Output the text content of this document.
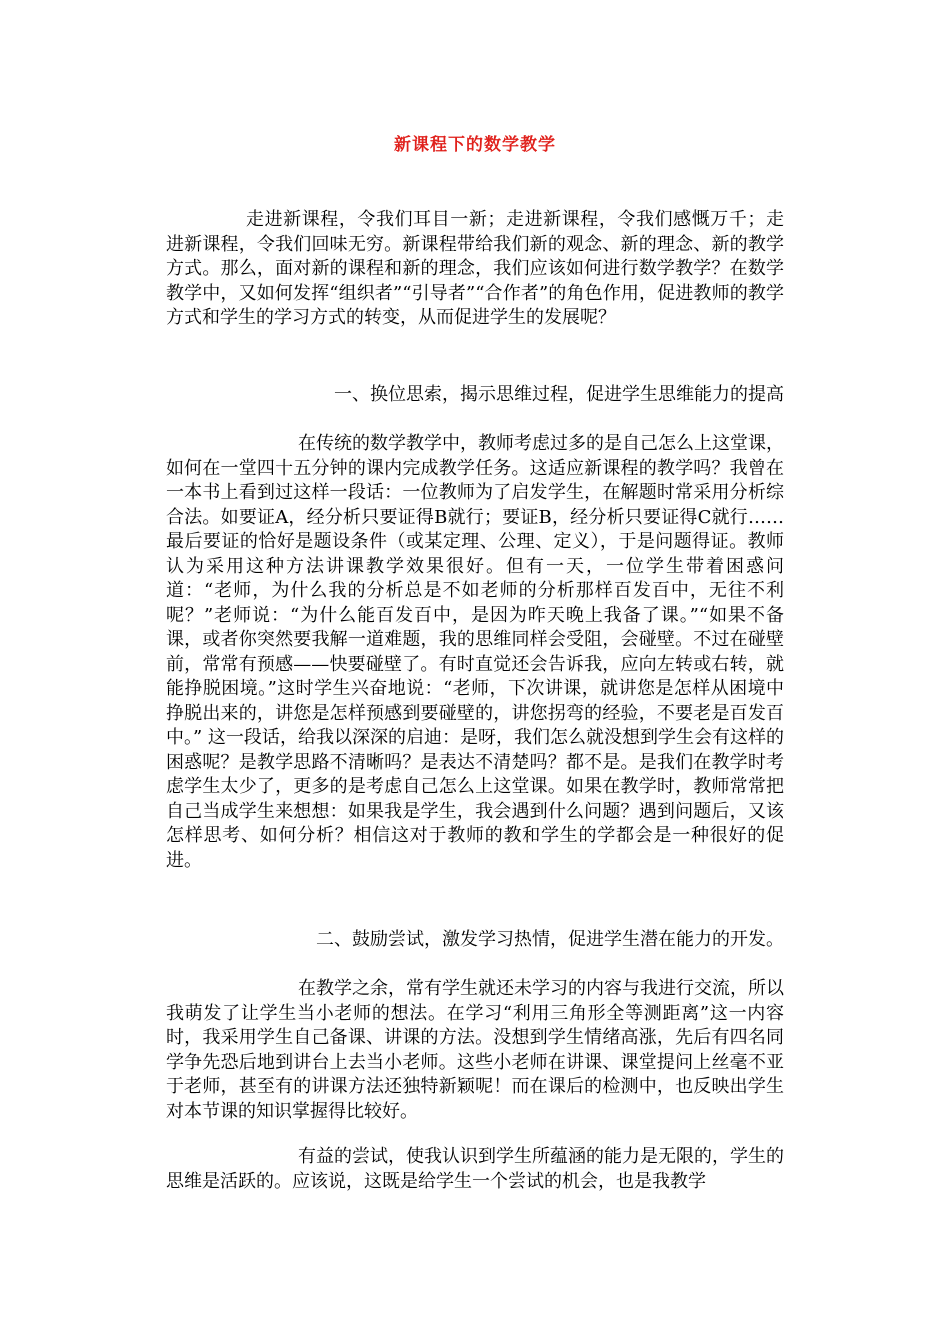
新课程下的数学教学

走进新课程，令我们耳目一新；走进新课程，令我们感慨万千；走进新课程，令我们回味无穷。新课程带给我们新的观念、新的理念、新的教学方式。那么，面对新的课程和新的理念，我们应该如何进行数学教学？在数学教学中，又如何发挥“组织者”“引导者”“合作者”的角色作用，促进教师的教学方式和学生的学习方式的转变，从而促进学生的发展呢？

一、换位思索，揭示思维过程，促进学生思维能力的提高

在传统的数学教学中，教师考虑过多的是自己怎么上这堂课，如何在一堂四十五分钟的课内完成教学任务。这适应新课程的教学吗？我曾在一本书上看到过这样一段话：一位教师为了启发学生，在解题时常采用分析综合法。如要证A，经分析只要证得B就行；要证B，经分析只要证得C就行……最后要证的恰好是题设条件（或某定理、公理、定义），于是问题得证。教师认为采用这种方法讲课教学效果很好。但有一天，一位学生带着困惑问道：“老师，为什么我的分析总是不如老师的分析那样百发百中，无往不利呢？”老师说：“为什么能百发百中，是因为昨天晚上我备了课。”“如果不备课，或者你突然要我解一道难题，我的思维同样会受阻，会碰壁。不过在碰壁前，常常有预感——快要碰壁了。有时直觉还会告诉我，应向左转或右转，就能挣脱困境。”这时学生兴奋地说：“老师，下次讲课，就讲您是怎样从困境中挣脱出来的，讲您是怎样预感到要碰壁的，讲您拐弯的经验，不要老是百发百中。” 这一段话，给我以深深的启迪：是呀，我们怎么就没想到学生会有这样的困惑呢？是教学思路不清晰吗？是表达不清楚吗？都不是。是我们在教学时考虑学生太少了，更多的是考虑自己怎么上这堂课。如果在教学时，教师常常把自己当成学生来想想：如果我是学生，我会遇到什么问题？遇到问题后，又该怎样思考、如何分析？相信这对于教师的教和学生的学都会是一种很好的促进。

二、鼓励尝试，激发学习热情，促进学生潜在能力的开发。

在教学之余，常有学生就还未学习的内容与我进行交流，所以我萌发了让学生当小老师的想法。在学习“利用三角形全等测距离”这一内容时，我采用学生自己备课、讲课的方法。没想到学生情绪高涨，先后有四名同学争先恐后地到讲台上去当小老师。这些小老师在讲课、课堂提问上丝毫不亚于老师，甚至有的讲课方法还独特新颖呢！而在课后的检测中，也反映出学生对本节课的知识掌握得比较好。

有益的尝试，使我认识到学生所蕴涵的能力是无限的，学生的思维是活跃的。应该说，这既是给学生一个尝试的机会，也是我教学
